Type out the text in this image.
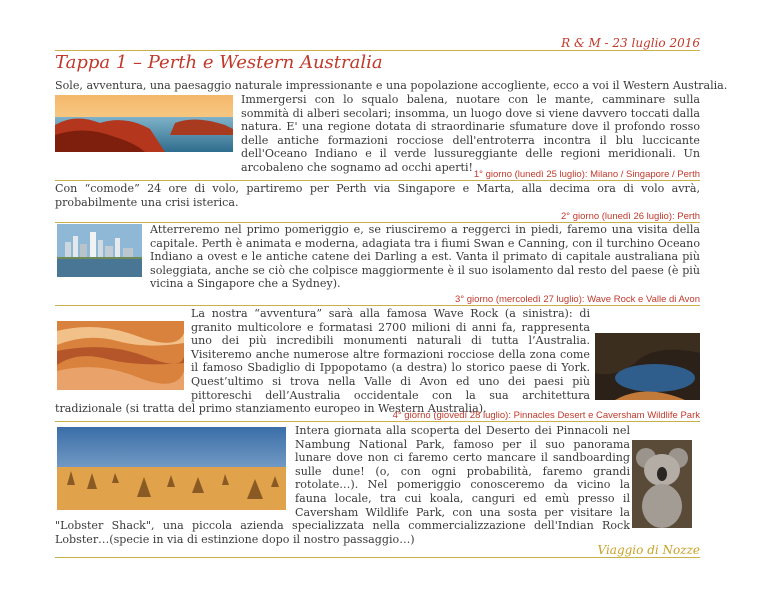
R & M - 23 luglio 2016
Tappa 1 – Perth e Western Australia
Sole, avventura, una paesaggio naturale impressionante e una popolazione accogliente, ecco a voi il Western Australia.
Immergersi con lo squalo balena, nuotare con le mante, camminare sulla sommità di alberi secolari; insomma, un luogo dove si viene davvero toccati dalla natura. E' una regione dotata di straordinarie sfumature dove il profondo rosso delle antiche formazioni rocciose dell'entroterra incontra il blu luccicante dell'Oceano Indiano e il verde lussureggiante delle regioni meridionali. Un arcobaleno che sognamo ad occhi aperti!
1° giorno (lunedì 25 luglio): Milano / Singapore / Perth
Con “comode” 24 ore di volo, partiremo per Perth via Singapore e Marta, alla decima ora di volo avrà, probabilmente una crisi isterica.
2° giorno (lunedì 26 luglio): Perth
Atterreremo nel primo pomeriggio e, se riusciremo a reggerci in piedi, faremo una visita della capitale. Perth è animata e moderna, adagiata tra i fiumi Swan e Canning, con il turchino Oceano Indiano a ovest e le antiche catene dei Darling a est. Vanta il primato di capitale australiana più soleggiata, anche se ciò che colpisce maggiormente è il suo isolamento dal resto del paese (è più vicina a Singapore che a Sydney).
3° giorno (mercoledì 27 luglio): Wave Rock e Valle di Avon
La nostra “avventura” sarà alla famosa Wave Rock (a sinistra): di granito multicolore e formatasi 2700 milioni di anni fa, rappresenta uno dei più incredibili monumenti naturali di tutta l’Australia. Visiteremo anche numerose altre formazioni rocciose della zona come il famoso Sbadiglio di Ippopotamo (a destra) lo storico paese di York. Quest’ultimo si trova nella Valle di Avon ed uno dei paesi più pittoreschi dell’Australia occidentale con la sua architettura tradizionale (si tratta del primo stanziamento europeo in Western Australia).
4° giorno (giovedì 28 luglio): Pinnacles Desert e Caversham Wildlife Park
Intera giornata alla scoperta del Deserto dei Pinnacoli nel Nambung National Park, famoso per il suo panorama lunare dove non ci faremo certo mancare il sandboarding sulle dune! (o, con ogni probabilità, faremo grandi rotolate…). Nel pomeriggio conosceremo da vicino la fauna locale, tra cui koala, canguri ed emù presso il Caversham Wildlife Park, con una sosta per visitare la "Lobster Shack", una piccola azienda specializzata nella commercializzazione dell'Indian Rock Lobster…(specie in via di estinzione dopo il nostro passaggio…)
Viaggio di Nozze
